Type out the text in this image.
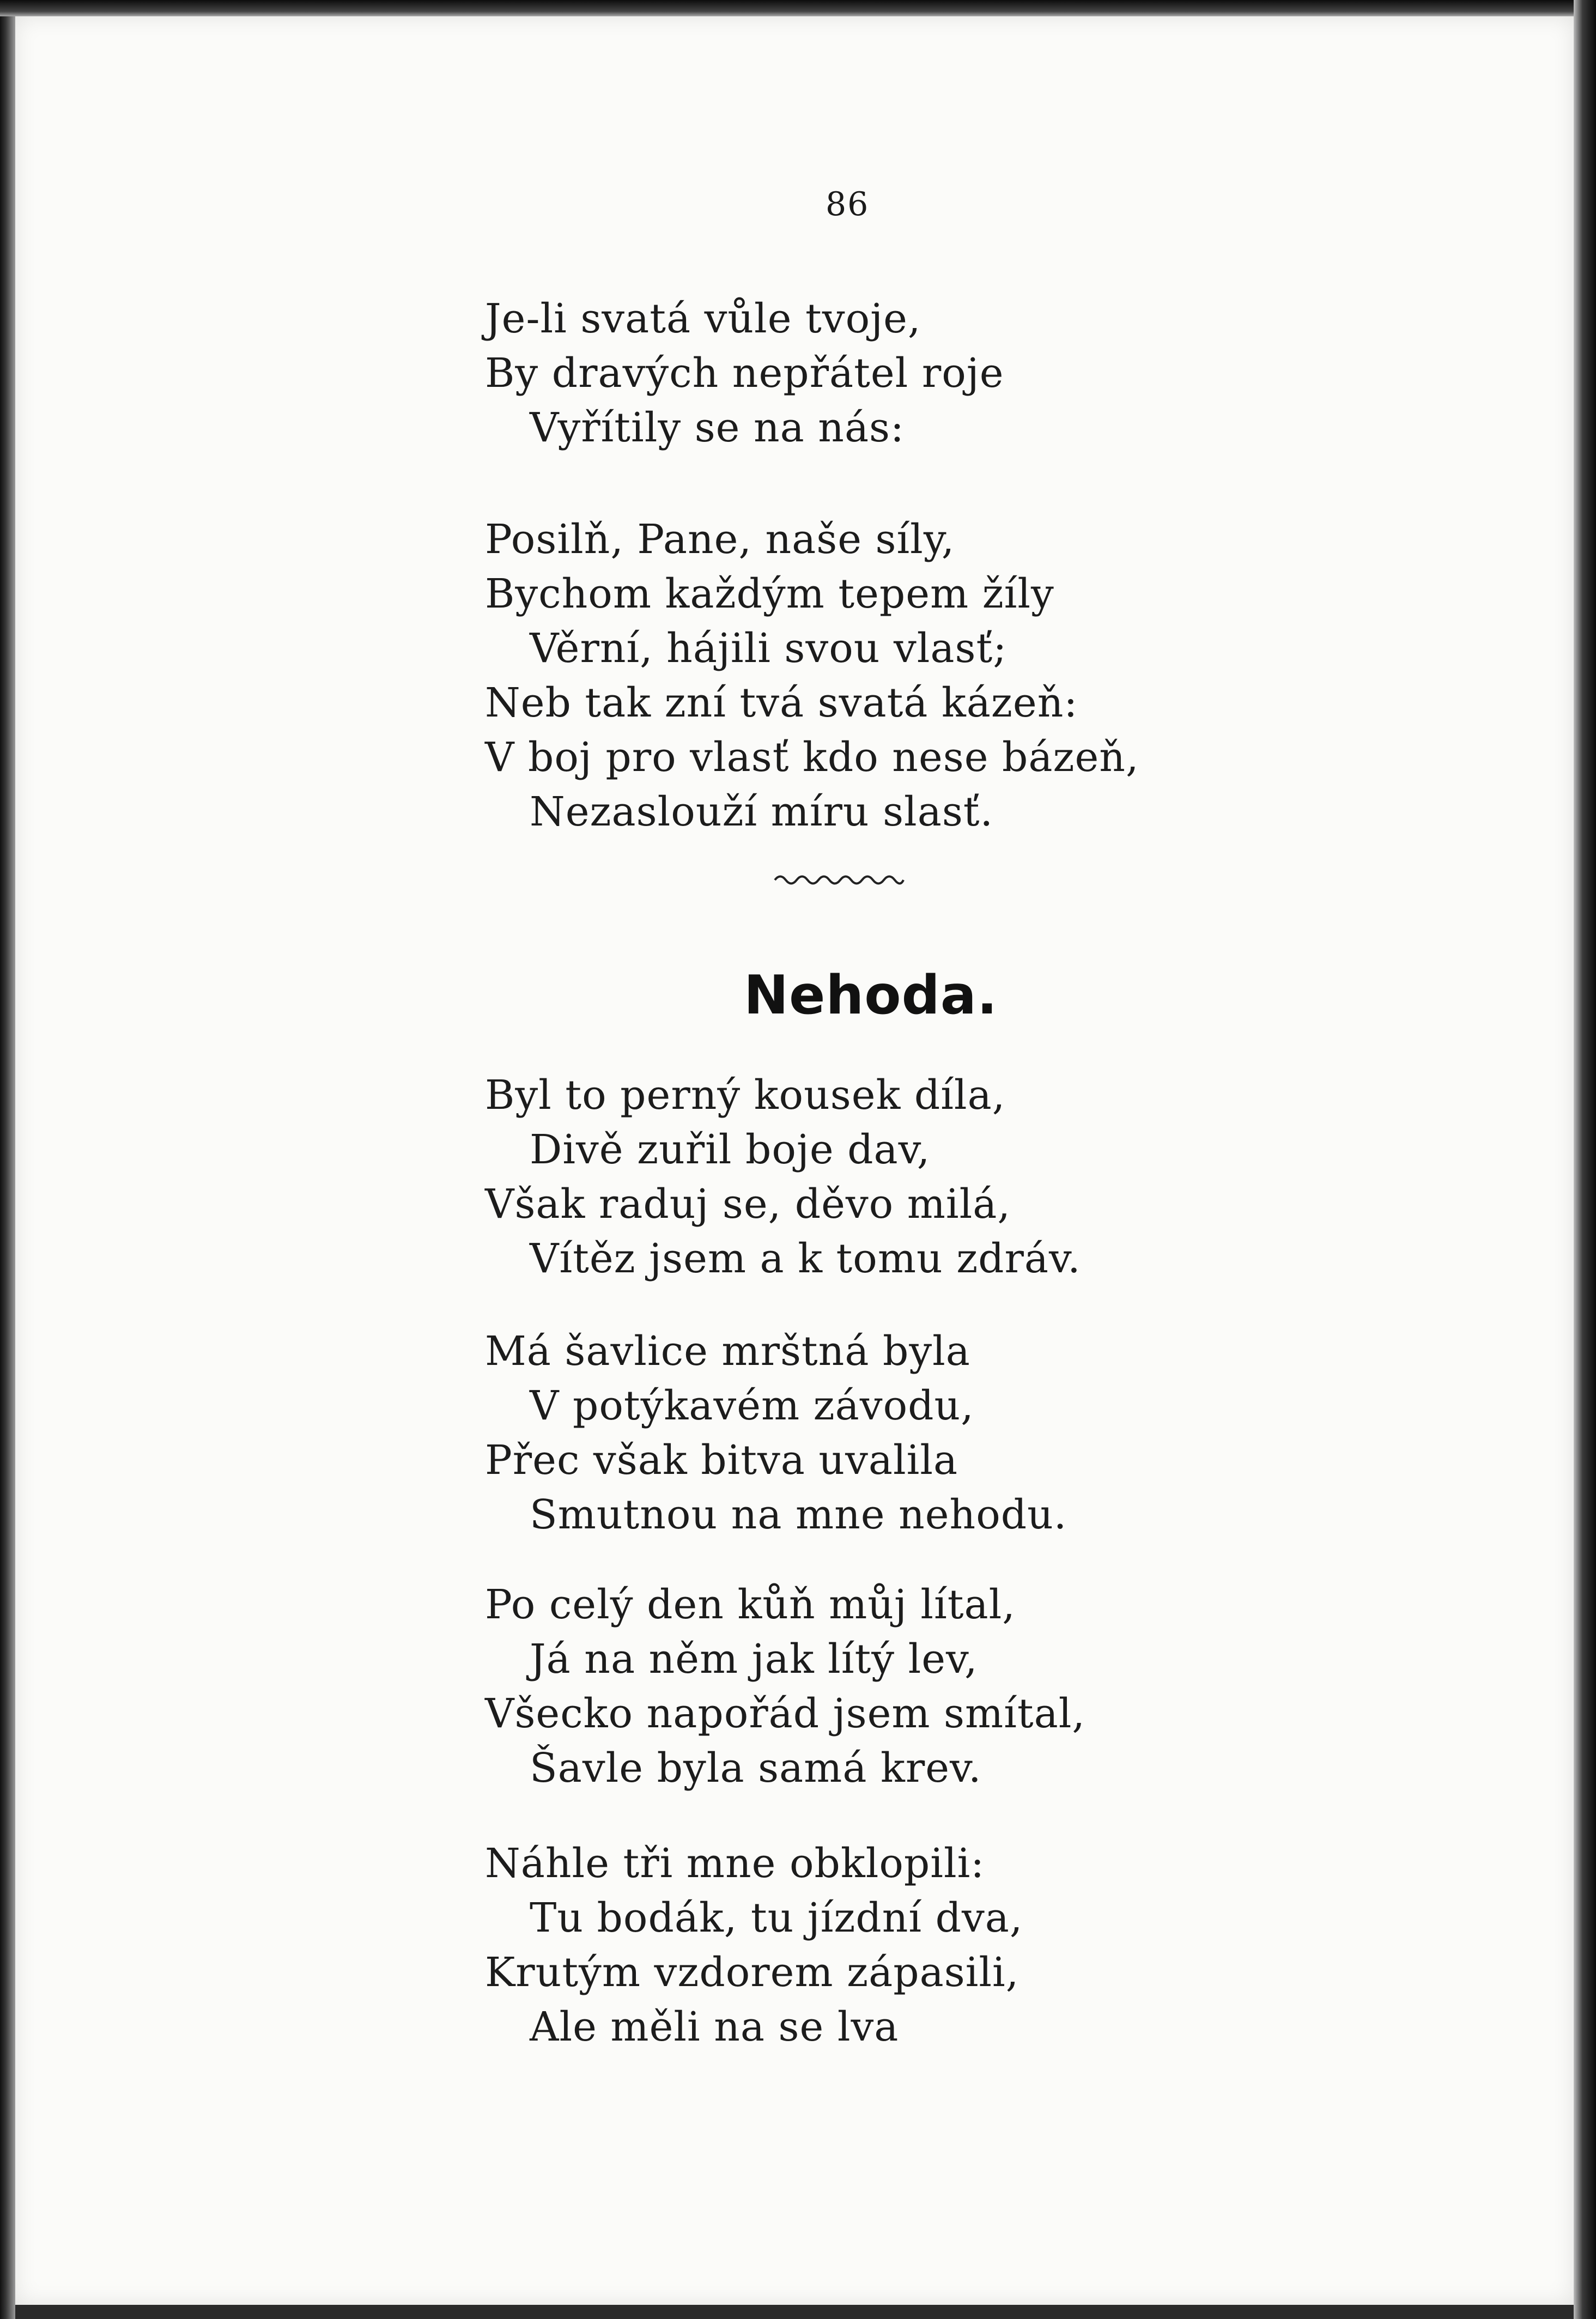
86
Je-li svatá vůle tvoje,
By dravých nepřátel roje
Vyřítily se na nás:
Posilň, Pane, naše síly,
Bychom každým tepem žíly
Věrní, hájili svou vlasť;
Neb tak zní tvá svatá kázeň:
V boj pro vlasť kdo nese bázeň,
Nezaslouží míru slasť.
Nehoda.
Byl to perný kousek díla,
Divě zuřil boje dav,
Však raduj se, děvo milá,
Vítěz jsem a k tomu zdráv.
Má šavlice mrštná byla
V potýkavém závodu,
Přec však bitva uvalila
Smutnou na mne nehodu.
Po celý den kůň můj lítal,
Já na něm jak lítý lev,
Všecko napořád jsem smítal,
Šavle byla samá krev.
Náhle tři mne obklopili:
Tu bodák, tu jízdní dva,
Krutým vzdorem zápasili,
Ale měli na se lva
